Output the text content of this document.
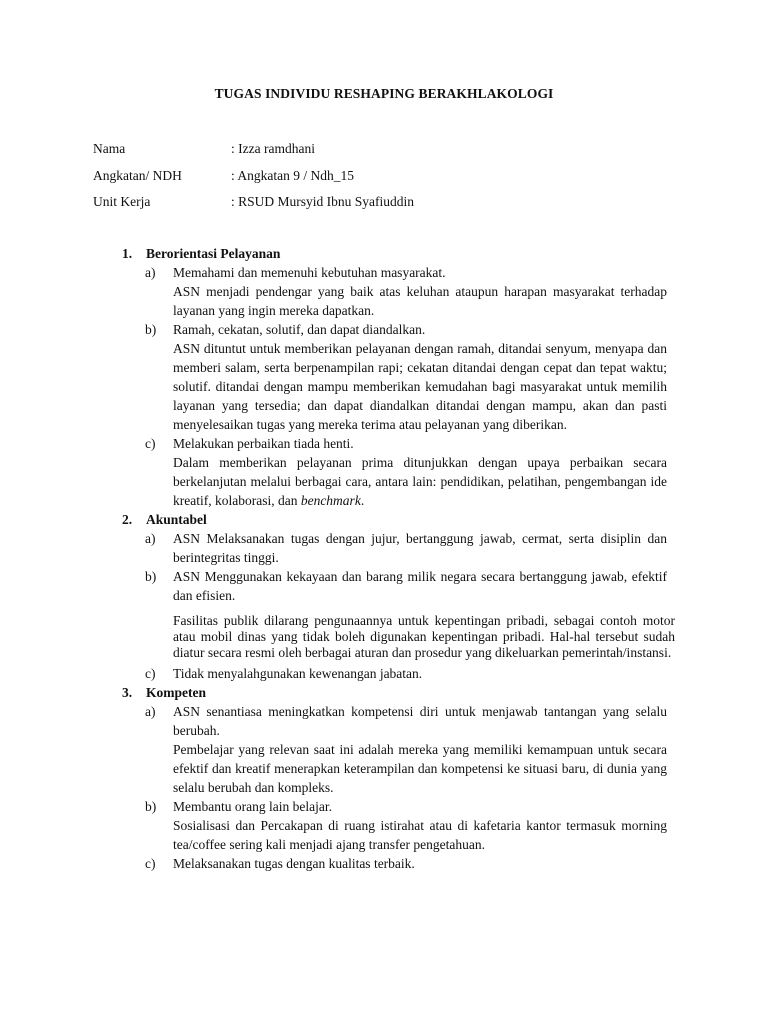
TUGAS INDIVIDU RESHAPING BERAKHLAKOLOGI
Nama	: Izza ramdhani
Angkatan/ NDH	: Angkatan 9 / Ndh_15
Unit Kerja	: RSUD Mursyid Ibnu Syafiuddin
1. Berorientasi Pelayanan
a) Memahami dan memenuhi kebutuhan masyarakat.
ASN menjadi pendengar yang baik atas keluhan ataupun harapan masyarakat terhadap layanan yang ingin mereka dapatkan.
b) Ramah, cekatan, solutif, dan dapat diandalkan.
ASN dituntut untuk memberikan pelayanan dengan ramah, ditandai senyum, menyapa dan memberi salam, serta berpenampilan rapi; cekatan ditandai dengan cepat dan tepat waktu; solutif. ditandai dengan mampu memberikan kemudahan bagi masyarakat untuk memilih layanan yang tersedia; dan dapat diandalkan ditandai dengan mampu, akan dan pasti menyelesaikan tugas yang mereka terima atau pelayanan yang diberikan.
c) Melakukan perbaikan tiada henti.
Dalam memberikan pelayanan prima ditunjukkan dengan upaya perbaikan secara berkelanjutan melalui berbagai cara, antara lain: pendidikan, pelatihan, pengembangan ide kreatif, kolaborasi, dan benchmark.
2. Akuntabel
a) ASN Melaksanakan tugas dengan jujur, bertanggung jawab, cermat, serta disiplin dan berintegritas tinggi.
b) ASN Menggunakan kekayaan dan barang milik negara secara bertanggung jawab, efektif dan efisien.
Fasilitas publik dilarang pengunaannya untuk kepentingan pribadi, sebagai contoh motor atau mobil dinas yang tidak boleh digunakan kepentingan pribadi. Hal-hal tersebut sudah diatur secara resmi oleh berbagai aturan dan prosedur yang dikeluarkan pemerintah/instansi.
c) Tidak menyalahgunakan kewenangan jabatan.
3. Kompeten
a) ASN senantiasa meningkatkan kompetensi diri untuk menjawab tantangan yang selalu berubah.
Pembelajar yang relevan saat ini adalah mereka yang memiliki kemampuan untuk secara efektif dan kreatif menerapkan keterampilan dan kompetensi ke situasi baru, di dunia yang selalu berubah dan kompleks.
b) Membantu orang lain belajar.
Sosialisasi dan Percakapan di ruang istirahat atau di kafetaria kantor termasuk morning tea/coffee sering kali menjadi ajang transfer pengetahuan.
c) Melaksanakan tugas dengan kualitas terbaik.
